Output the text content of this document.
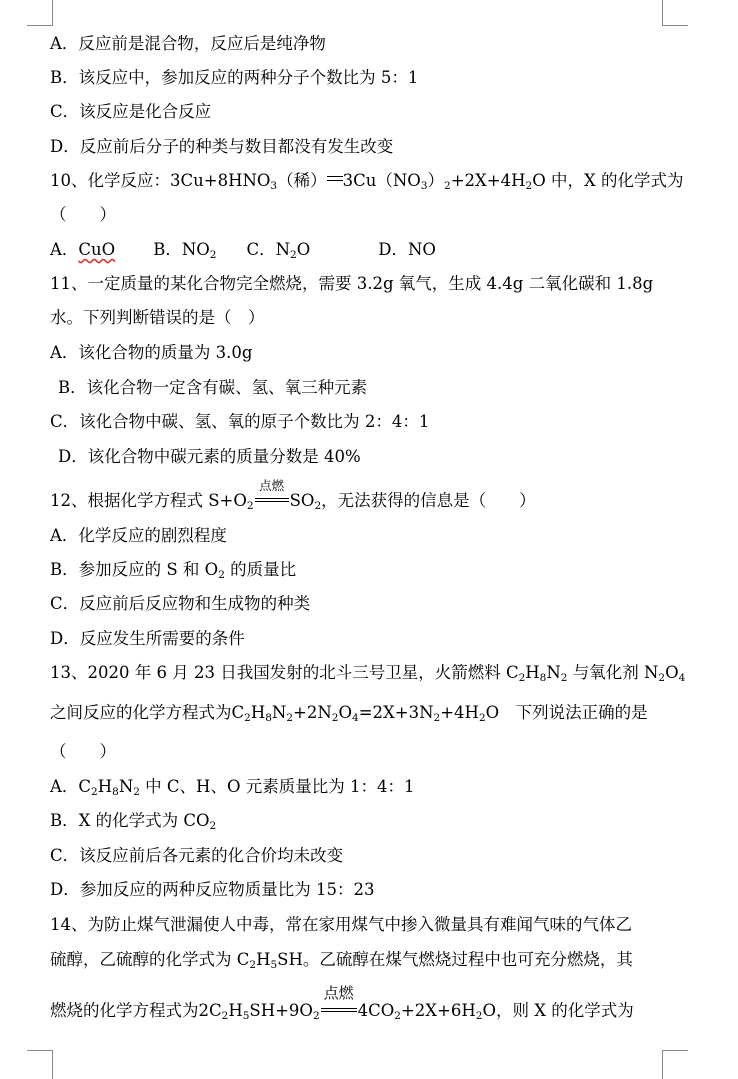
A．反应前是混合物，反应后是纯净物
B．该反应中，参加反应的两种分子个数比为 5：1
C．该反应是化合反应
D．反应前后分子的种类与数目都没有发生改变
10、化学反应：$3Cu+8HNO_3$（稀） $3Cu(NO_3)_2+2X+4H_2O$ 中，X 的化学式为
（　　）
A．CuO B．$NO_2$ C．$N_2O$	D．NO
11、一定质量的某化合物完全燃烧，需要 3.2g 氧气，生成 4.4g 二氧化碳和 1.8g
水。下列判断错误的是（　）
A．该化合物的质量为 3.0g
B．该化合物一定含有碳、氢、氧三种元素
C．该化合物中碳、氢、氧的原子个数比为 2：4：1
D．该化合物中碳元素的质量分数是 40%
12、根据化学方程式 $S+O_2$
点燃
$SO_2$，无法获得的信息是（　　）
A．化学反应的剧烈程度
B．参加反应的 S 和 $O_2$ 的质量比
C．反应前后反应物和生成物的种类
D．反应发生所需要的条件
13、2020 年 6 月 23 日我国发射的北斗三号卫星，火箭燃料 $C_2H_8N_2$ 与氧化剂 $N_2O_4$
之间反应的化学方程式为$C_2H_8N_2+2N_2O_4=2X+3N_2+4H_2O$　下列说法正确的是
（　　）
A．$C_2H_8N_2$ 中 C、H、O 元素质量比为 1：4：1
B．X 的化学式为 $CO_2$
C．该反应前后各元素的化合价均未改变
D．参加反应的两种反应物质量比为 15：23
14、为防止煤气泄漏使人中毒，常在家用煤气中掺入微量具有难闻气味的气体乙
硫醇，乙硫醇的化学式为 $C_2H_5SH$。乙硫醇在煤气燃烧过程中也可充分燃烧，其
燃烧的化学方程式为$2C_2H_5SH+9O_2$
点燃
$4CO_2+2X+6H_2O$，则 X 的化学式为
